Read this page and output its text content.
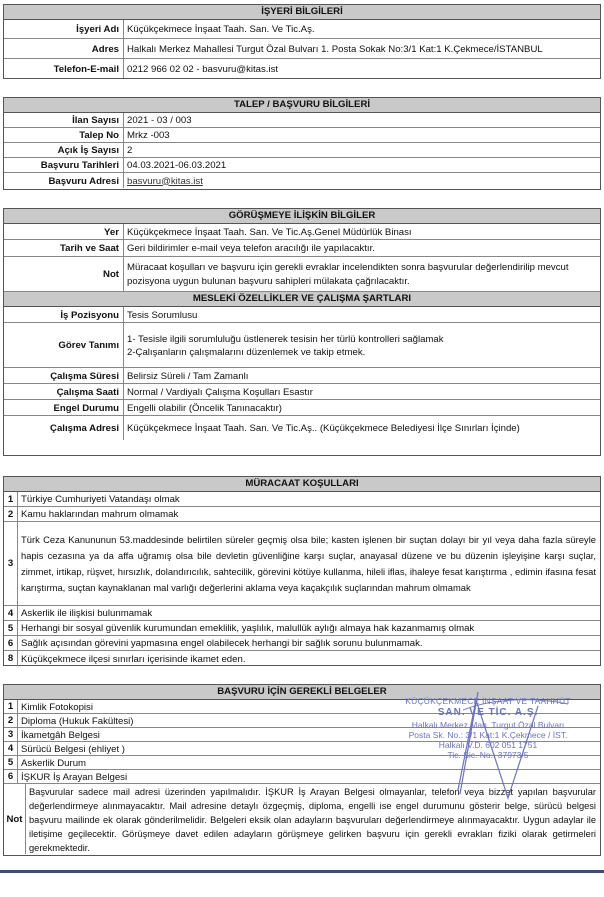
İŞYERİ BİLGİLERİ
İşyeri Adı Küçükçekmece İnşaat Taah. San. Ve Tic.Aş.
Adres Halkalı Merkez Mahallesi Turgut Özal Bulvarı 1. Posta Sokak No:3/1 Kat:1 K.Çekmece/İSTANBUL
Telefon-E-mail 0212 966 02 02 - basvuru@kitas.ist
TALEP / BAŞVURU BİLGİLERİ
İlan Sayısı 2021 - 03 / 003
Talep No Mrkz -003
Açık İş Sayısı 2
Başvuru Tarihleri 04.03.2021-06.03.2021
Başvuru Adresi basvuru@kitas.ist
GÖRÜŞMEYE İLİŞKİN BİLGİLER
Yer Küçükçekmece İnşaat Taah. San. Ve Tic.Aş.Genel Müdürlük Binası
Tarih ve Saat Geri bildirimler e-mail veya telefon aracılığı ile yapılacaktır.
Not
Müracaat koşulları ve başvuru için gerekli evraklar incelendikten sonra başvurular değerlendirilip mevcut pozisyona uygun bulunan başvuru sahipleri mülakata çağrılacaktır.
MESLEKİ ÖZELLİKLER VE ÇALIŞMA ŞARTLARI
İş Pozisyonu Tesis Sorumlusu
Görev Tanımı
1- Tesisle ilgili sorumluluğu üstlenerek tesisin her türlü kontrolleri sağlamak
2-Çalışanların çalışmalarını düzenlemek ve takip etmek.
Çalışma Süresi Belirsiz Süreli / Tam Zamanlı
Çalışma Saati Normal / Vardiyalı Çalışma Koşulları Esastır
Engel Durumu Engelli olabilir (Öncelik Tanınacaktır)
Çalışma Adresi Küçükçekmece İnşaat Taah. San. Ve Tic.Aş.. (Küçükçekmece Belediyesi İlçe Sınırları İçinde)
MÜRACAAT KOŞULLARI
1 Türkiye Cumhuriyeti Vatandaşı olmak
2 Kamu haklarından mahrum olmamak
3
Türk Ceza Kanununun 53.maddesinde belirtilen süreler geçmiş olsa bile; kasten işlenen bir suçtan dolayı bir yıl veya daha fazla süreyle hapis cezasına ya da affa uğramış olsa bile devletin güvenliğine karşı suçlar, anayasal düzene ve bu düzenin işleyişine karşı suçlar, zimmet, irtikap, rüşvet, hırsızlık, dolandırıcılık, sahtecilik, görevini kötüye kullanma, hileli iflas, ihaleye fesat karıştırma , edimin ifasına fesat karıştırma, suçtan kaynaklanan mal varlığı değerlerini aklama veya kaçakçılık suçlarından mahrum olmamak
4 Askerlik ile ilişkisi bulunmamak
5 Herhangi bir sosyal güvenlik kurumundan emeklilik, yaşlılık, malullük aylığı almaya hak kazanmamış olmak
6 Sağlık açısından görevini yapmasına engel olabilecek herhangi bir sağlık sorunu bulunmamak.
8 Küçükçekmece ilçesi sınırları içerisinde ikamet eden.
BAŞVURU İÇİN GEREKLİ BELGELER
1 Kimlik Fotokopisi
2 Diploma (Hukuk Fakültesi)
3 İkametgâh Belgesi
4 Sürücü Belgesi (ehliyet )
5 Askerlik Durum
6 İŞKUR İş Arayan Belgesi
Not
Başvurular sadece mail adresi üzerinden yapılmalıdır. İŞKUR İş Arayan Belgesi olmayanlar, telefon veya bizzat yapılan başvurular değerlendirmeye alınmayacaktır. Mail adresine detaylı özgeçmiş, diploma, engelli ise engel durumunu gösterir belge, sürücü belgesi başvuru mailinde ek olarak gönderilmelidir. Belgeleri eksik olan adayların başvuruları değerlendirmeye alınmayacaktır. Uygun adaylar ile iletişime geçilecektir. Görüşmeye davet edilen adayların görüşmeye gelirken başvuru için gerekli evrakları fiziki olarak getirmeleri gerekmektedir.
KÜÇÜKÇEKMECE İNŞAAT VE TAAHHÜT
SAN. VE TİC. A.Ş.
Halkalı Merkez Mah. Turgut Özal Bulvarı
Posta Sk. No.: 3/1 Kat:1 K.Çekmece / İST.
Halkalı V.D. 602 051 1751
Tic. Sic. No.: 37973/5
